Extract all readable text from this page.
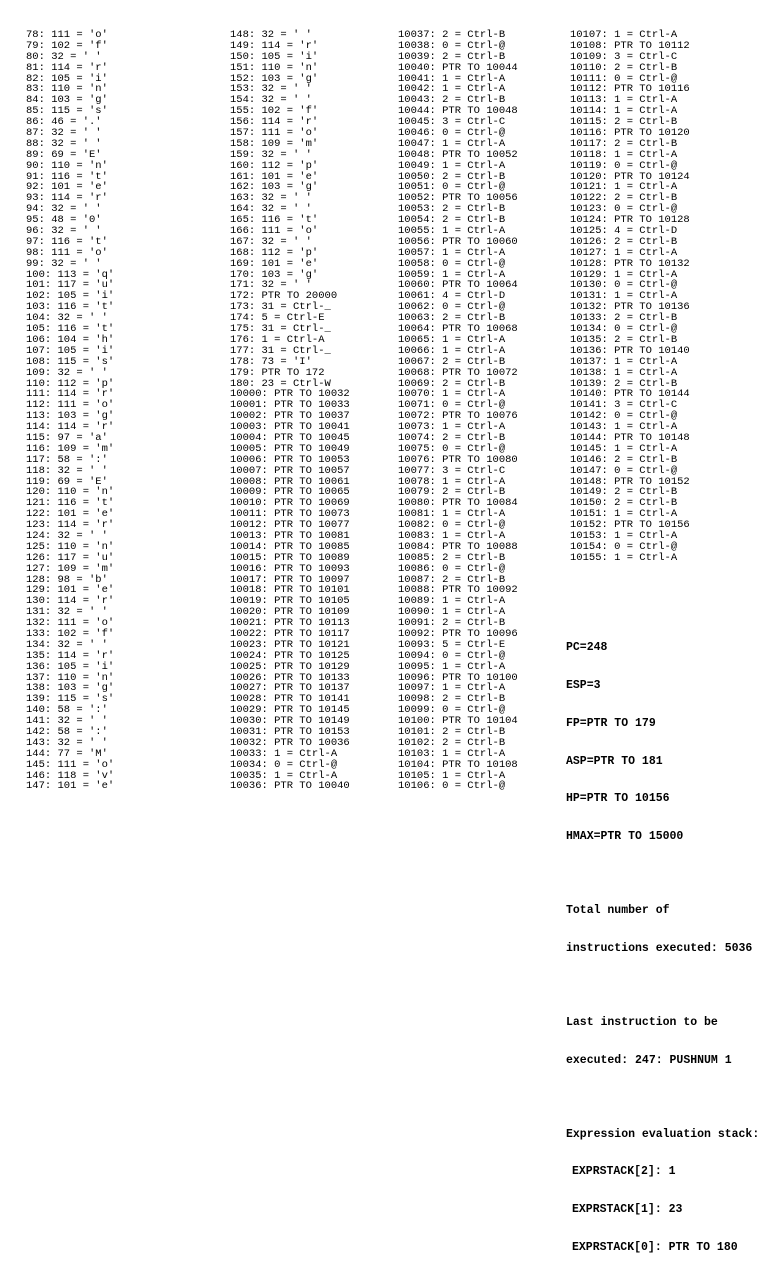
78: 111 = 'o'
79: 102 = 'f'
80: 32 = ' '
81: 114 = 'r'
82: 105 = 'i'
83: 110 = 'n'
84: 103 = 'g'
85: 115 = 's'
86: 46 = '.'
87: 32 = ' '
88: 32 = ' '
89: 69 = 'E'
90: 110 = 'n'
91: 116 = 't'
92: 101 = 'e'
93: 114 = 'r'
94: 32 = ' '
95: 48 = '0'
96: 32 = ' '
97: 116 = 't'
98: 111 = 'o'
99: 32 = ' '
100: 113 = 'q'
101: 117 = 'u'
102: 105 = 'i'
103: 116 = 't'
104: 32 = ' '
105: 116 = 't'
106: 104 = 'h'
107: 105 = 'i'
108: 115 = 's'
109: 32 = ' '
110: 112 = 'p'
111: 114 = 'r'
112: 111 = 'o'
113: 103 = 'g'
114: 114 = 'r'
115: 97 = 'a'
116: 109 = 'm'
117: 58 = ':'
118: 32 = ' '
119: 69 = 'E'
120: 110 = 'n'
121: 116 = 't'
122: 101 = 'e'
123: 114 = 'r'
124: 32 = ' '
125: 110 = 'n'
126: 117 = 'u'
127: 109 = 'm'
128: 98 = 'b'
129: 101 = 'e'
130: 114 = 'r'
131: 32 = ' '
132: 111 = 'o'
133: 102 = 'f'
134: 32 = ' '
135: 114 = 'r'
136: 105 = 'i'
137: 110 = 'n'
138: 103 = 'g'
139: 115 = 's'
140: 58 = ':'
141: 32 = ' '
142: 58 = ':'
143: 32 = ' '
144: 77 = 'M'
145: 111 = 'o'
146: 118 = 'v'
147: 101 = 'e'
148: 32 = ' '
149: 114 = 'r'
150: 105 = 'i'
151: 110 = 'n'
152: 103 = 'g'
153: 32 = ' '
154: 32 = ' '
155: 102 = 'f'
156: 114 = 'r'
157: 111 = 'o'
158: 109 = 'm'
159: 32 = ' '
160: 112 = 'p'
161: 101 = 'e'
162: 103 = 'g'
163: 32 = ' '
164: 32 = ' '
165: 116 = 't'
166: 111 = 'o'
167: 32 = ' '
168: 112 = 'p'
169: 101 = 'e'
170: 103 = 'g'
171: 32 = ' '
172: PTR TO 20000
173: 31 = Ctrl-_
174: 5 = Ctrl-E
175: 31 = Ctrl-_
176: 1 = Ctrl-A
177: 31 = Ctrl-_
178: 73 = 'I'
179: PTR TO 172
180: 23 = Ctrl-W
10000: PTR TO 10032
10001: PTR TO 10033
10002: PTR TO 10037
10003: PTR TO 10041
10004: PTR TO 10045
10005: PTR TO 10049
10006: PTR TO 10053
10007: PTR TO 10057
10008: PTR TO 10061
10009: PTR TO 10065
10010: PTR TO 10069
10011: PTR TO 10073
10012: PTR TO 10077
10013: PTR TO 10081
10014: PTR TO 10085
10015: PTR TO 10089
10016: PTR TO 10093
10017: PTR TO 10097
10018: PTR TO 10101
10019: PTR TO 10105
10020: PTR TO 10109
10021: PTR TO 10113
10022: PTR TO 10117
10023: PTR TO 10121
10024: PTR TO 10125
10025: PTR TO 10129
10026: PTR TO 10133
10027: PTR TO 10137
10028: PTR TO 10141
10029: PTR TO 10145
10030: PTR TO 10149
10031: PTR TO 10153
10032: PTR TO 10036
10033: 1 = Ctrl-A
10034: 0 = Ctrl-@
10035: 1 = Ctrl-A
10036: PTR TO 10040
10037: 2 = Ctrl-B
10038: 0 = Ctrl-@
10039: 2 = Ctrl-B
10040: PTR TO 10044
10041: 1 = Ctrl-A
10042: 1 = Ctrl-A
10043: 2 = Ctrl-B
10044: PTR TO 10048
10045: 3 = Ctrl-C
10046: 0 = Ctrl-@
10047: 1 = Ctrl-A
10048: PTR TO 10052
10049: 1 = Ctrl-A
10050: 2 = Ctrl-B
10051: 0 = Ctrl-@
10052: PTR TO 10056
10053: 2 = Ctrl-B
10054: 2 = Ctrl-B
10055: 1 = Ctrl-A
10056: PTR TO 10060
10057: 1 = Ctrl-A
10058: 0 = Ctrl-@
10059: 1 = Ctrl-A
10060: PTR TO 10064
10061: 4 = Ctrl-D
10062: 0 = Ctrl-@
10063: 2 = Ctrl-B
10064: PTR TO 10068
10065: 1 = Ctrl-A
10066: 1 = Ctrl-A
10067: 2 = Ctrl-B
10068: PTR TO 10072
10069: 2 = Ctrl-B
10070: 1 = Ctrl-A
10071: 0 = Ctrl-@
10072: PTR TO 10076
10073: 1 = Ctrl-A
10074: 2 = Ctrl-B
10075: 0 = Ctrl-@
10076: PTR TO 10080
10077: 3 = Ctrl-C
10078: 1 = Ctrl-A
10079: 2 = Ctrl-B
10080: PTR TO 10084
10081: 1 = Ctrl-A
10082: 0 = Ctrl-@
10083: 1 = Ctrl-A
10084: PTR TO 10088
10085: 2 = Ctrl-B
10086: 0 = Ctrl-@
10087: 2 = Ctrl-B
10088: PTR TO 10092
10089: 1 = Ctrl-A
10090: 1 = Ctrl-A
10091: 2 = Ctrl-B
10092: PTR TO 10096
10093: 5 = Ctrl-E
10094: 0 = Ctrl-@
10095: 1 = Ctrl-A
10096: PTR TO 10100
10097: 1 = Ctrl-A
10098: 2 = Ctrl-B
10099: 0 = Ctrl-@
10100: PTR TO 10104
10101: 2 = Ctrl-B
10102: 2 = Ctrl-B
10103: 1 = Ctrl-A
10104: PTR TO 10108
10105: 1 = Ctrl-A
10106: 0 = Ctrl-@
10107: 1 = Ctrl-A
10108: PTR TO 10112
10109: 3 = Ctrl-C
10110: 2 = Ctrl-B
10111: 0 = Ctrl-@
10112: PTR TO 10116
10113: 1 = Ctrl-A
10114: 1 = Ctrl-A
10115: 2 = Ctrl-B
10116: PTR TO 10120
10117: 2 = Ctrl-B
10118: 1 = Ctrl-A
10119: 0 = Ctrl-@
10120: PTR TO 10124
10121: 1 = Ctrl-A
10122: 2 = Ctrl-B
10123: 0 = Ctrl-@
10124: PTR TO 10128
10125: 4 = Ctrl-D
10126: 2 = Ctrl-B
10127: 1 = Ctrl-A
10128: PTR TO 10132
10129: 1 = Ctrl-A
10130: 0 = Ctrl-@
10131: 1 = Ctrl-A
10132: PTR TO 10136
10133: 2 = Ctrl-B
10134: 0 = Ctrl-@
10135: 2 = Ctrl-B
10136: PTR TO 10140
10137: 1 = Ctrl-A
10138: 1 = Ctrl-A
10139: 2 = Ctrl-B
10140: PTR TO 10144
10141: 3 = Ctrl-C
10142: 0 = Ctrl-@
10143: 1 = Ctrl-A
10144: PTR TO 10148
10145: 1 = Ctrl-A
10146: 2 = Ctrl-B
10147: 0 = Ctrl-@
10148: PTR TO 10152
10149: 2 = Ctrl-B
10150: 2 = Ctrl-B
10151: 1 = Ctrl-A
10152: PTR TO 10156
10153: 1 = Ctrl-A
10154: 0 = Ctrl-@
10155: 1 = Ctrl-A

PC=248

ESP=3

FP=PTR TO 179

ASP=PTR TO 181

HP=PTR TO 10156

HMAX=PTR TO 15000

Total number of

instructions executed: 5036

Last instruction to be

executed: 247: PUSHNUM 1

Expression evaluation stack:

EXPRSTACK[2]: 1

EXPRSTACK[1]: 23

EXPRSTACK[0]: PTR TO 180
